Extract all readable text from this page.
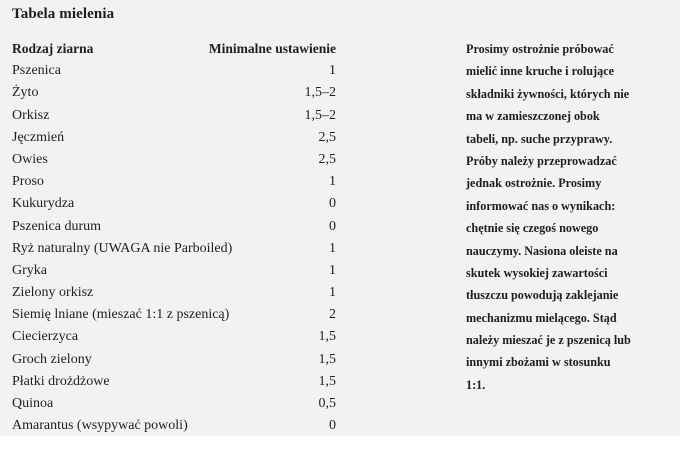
Tabela mielenia
Rodzaj ziarna	Minimalne ustawienie
Pszenica	1
Żyto	1,5–2
Orkisz	1,5–2
Jęczmień	2,5
Owies	2,5
Proso	1
Kukurydza	0
Pszenica durum	0
Ryż naturalny (UWAGA nie Parboiled)	1
Gryka	1
Zielony orkisz	1
Siemię lniane (mieszać 1:1 z pszenicą)	2
Ciecierzyca	1,5
Groch zielony	1,5
Płatki drożdżowe	1,5
Quinoa	0,5
Amarantus (wsypywać powoli)	0
Prosimy ostrożnie próbować
mielić inne kruche i rolujące
składniki żywności, których nie
ma w zamieszczonej obok
tabeli, np. suche przyprawy.
Próby należy przeprowadzać
jednak ostrożnie. Prosimy
informować nas o wynikach:
chętnie się czegoś nowego
nauczymy. Nasiona oleiste na
skutek wysokiej zawartości
tłuszczu powodują zaklejanie
mechanizmu mielącego. Stąd
należy mieszać je z pszenicą lub
innymi zbożami w stosunku
1:1.
